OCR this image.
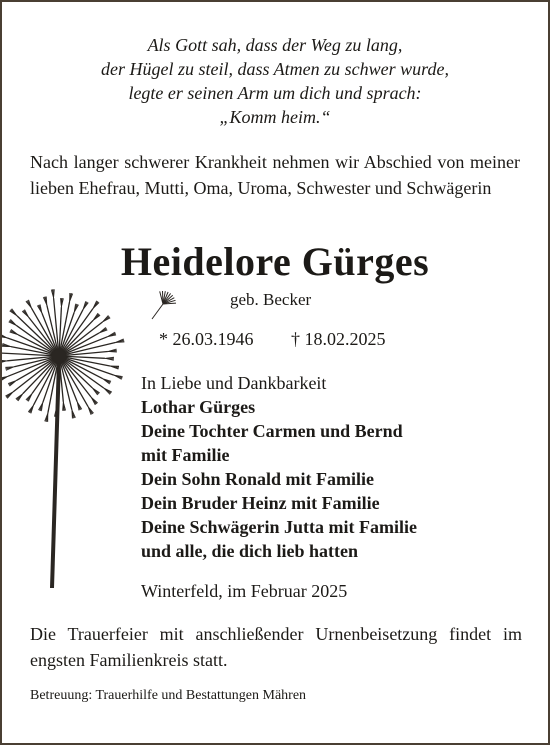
Als Gott sah, dass der Weg zu lang,
der Hügel zu steil, dass Atmen zu schwer wurde,
legte er seinen Arm um dich und sprach:
„Komm heim.“
Nach langer schwerer Krankheit nehmen wir Abschied von meiner lieben Ehefrau, Mutti, Oma, Uroma, Schwester und Schwägerin
Heidelore Gürges
geb. Becker
* 26.03.1946 † 18.02.2025
In Liebe und Dankbarkeit
Lothar Gürges
Deine Tochter Carmen und Bernd
mit Familie
Dein Sohn Ronald mit Familie
Dein Bruder Heinz mit Familie
Deine Schwägerin Jutta mit Familie
und alle, die dich lieb hatten
Winterfeld, im Februar 2025
Die Trauerfeier mit anschließender Urnenbeisetzung findet im engsten Familienkreis statt.
Betreuung: Trauerhilfe und Bestattungen Mähren
